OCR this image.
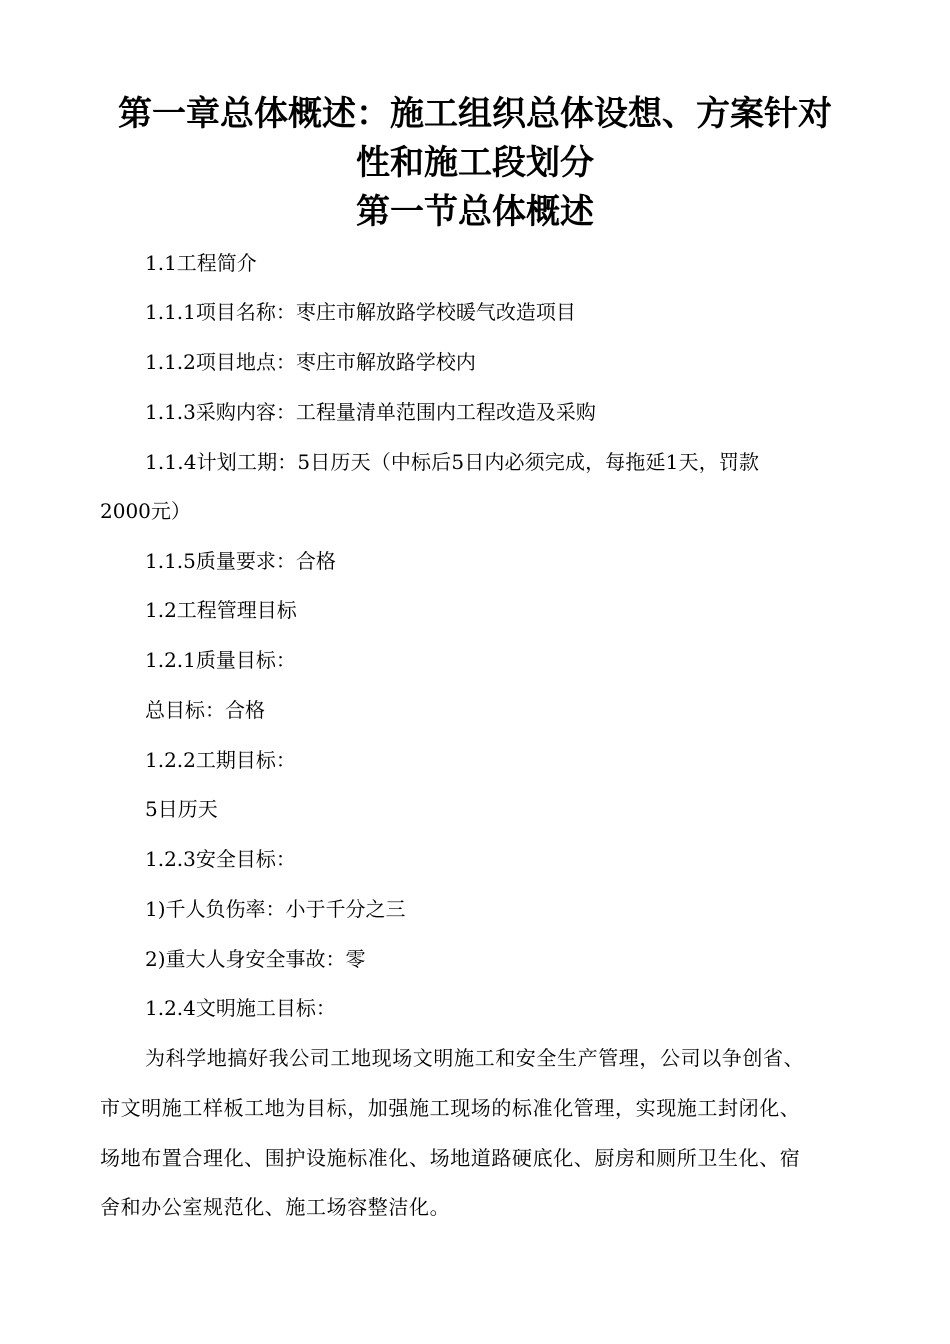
第一章总体概述：施工组织总体设想、方案针对
性和施工段划分
第一节总体概述
1.1工程简介
1.1.1项目名称：枣庄市解放路学校暖气改造项目
1.1.2项目地点：枣庄市解放路学校内
1.1.3采购内容：工程量清单范围内工程改造及采购
1.1.4计划工期：5日历天（中标后5日内必须完成，每拖延1天，罚款
2000元）
1.1.5质量要求：合格
1.2工程管理目标
1.2.1质量目标：
总目标：合格
1.2.2工期目标：
5日历天
1.2.3安全目标：
1)千人负伤率：小于千分之三
2)重大人身安全事故：零
1.2.4文明施工目标：
为科学地搞好我公司工地现场文明施工和安全生产管理，公司以争创省、
市文明施工样板工地为目标，加强施工现场的标准化管理，实现施工封闭化、
场地布置合理化、围护设施标准化、场地道路硬底化、厨房和厕所卫生化、宿
舍和办公室规范化、施工场容整洁化。
